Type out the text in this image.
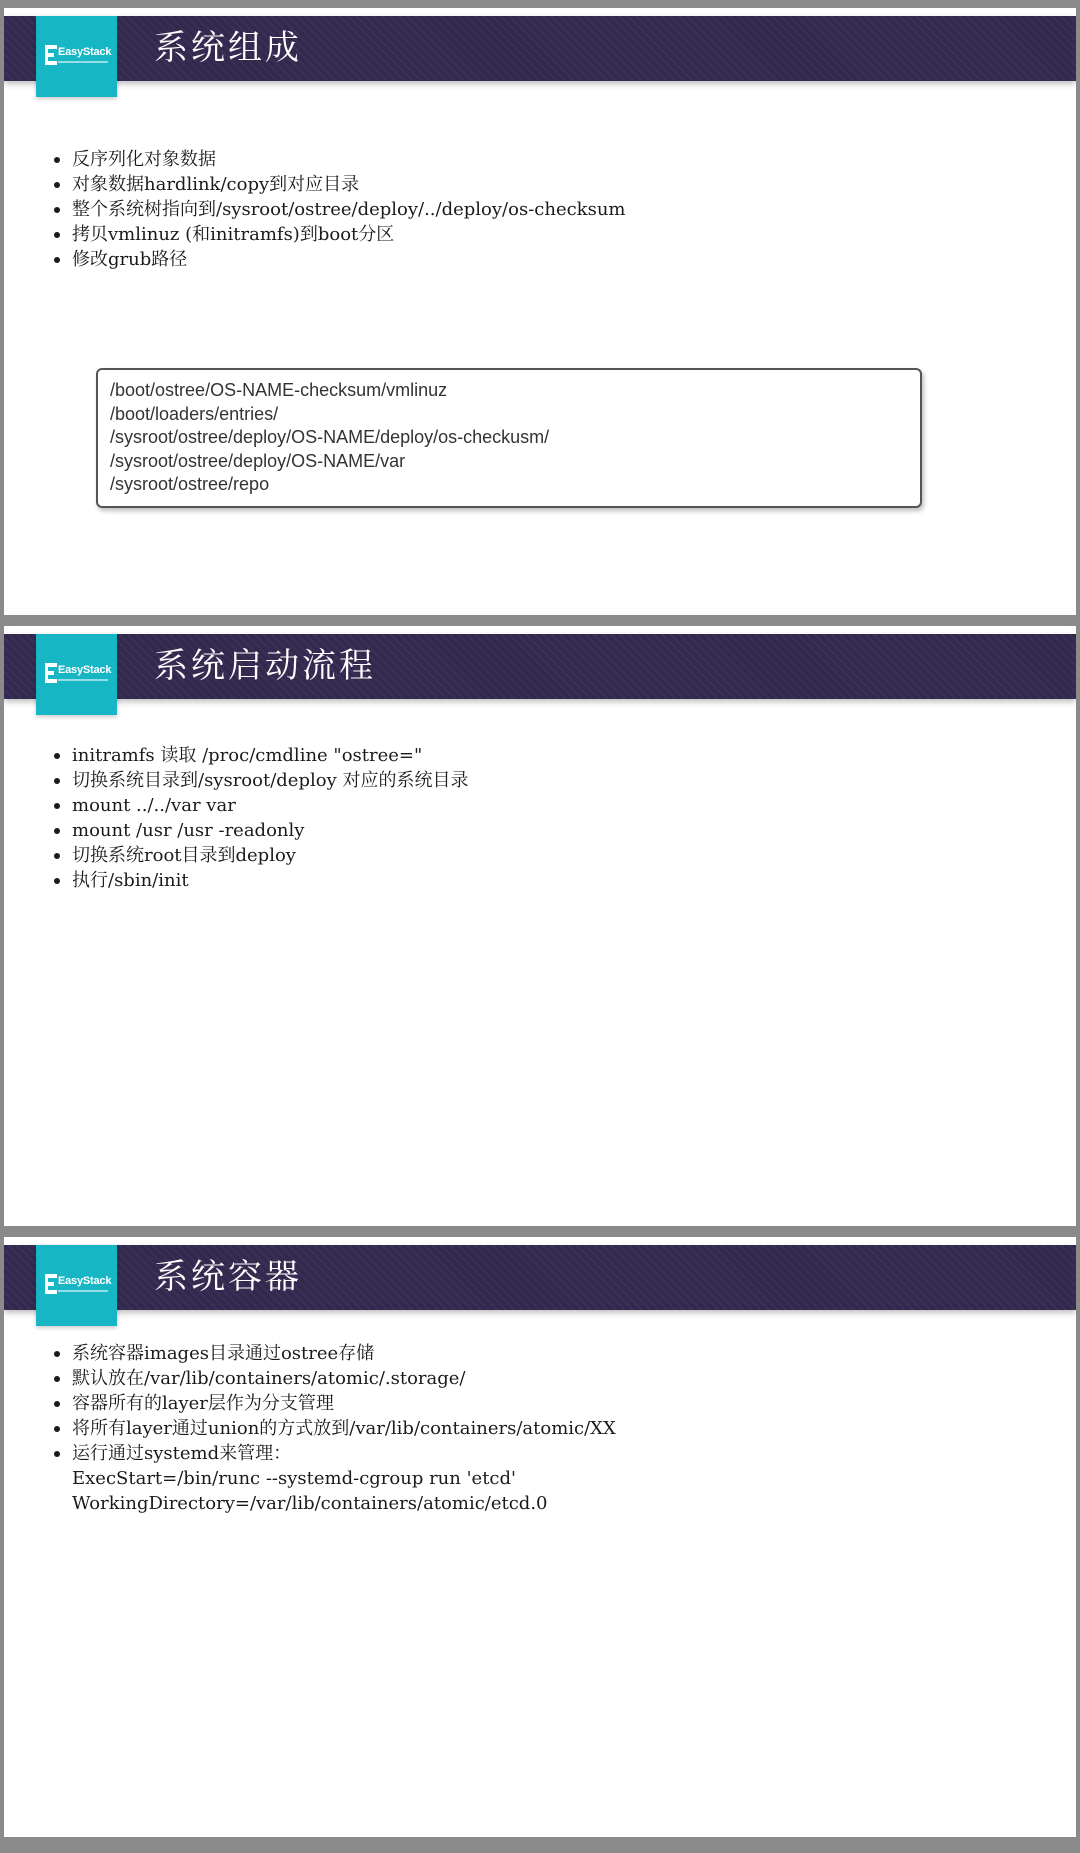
EasyStack 系统组成
反序列化对象数据
对象数据hardlink/copy到对应目录
整个系统树指向到/sysroot/ostree/deploy/../deploy/os-checksum
拷贝vmlinuz (和initramfs)到boot分区
修改grub路径
/boot/ostree/OS-NAME-checksum/vmlinuz
/boot/loaders/entries/
/sysroot/ostree/deploy/OS-NAME/deploy/os-checkusm/
/sysroot/ostree/deploy/OS-NAME/var
/sysroot/ostree/repo
EasyStack 系统启动流程
initramfs 读取 /proc/cmdline "ostree="
切换系统目录到/sysroot/deploy 对应的系统目录
mount ../../var var
mount /usr /usr -readonly
切换系统root目录到deploy
执行/sbin/init
EasyStack 系统容器
系统容器images目录通过ostree存储
默认放在/var/lib/containers/atomic/.storage/
容器所有的layer层作为分支管理
将所有layer通过union的方式放到/var/lib/containers/atomic/XX
运行通过systemd来管理：
ExecStart=/bin/runc --systemd-cgroup run 'etcd'
WorkingDirectory=/var/lib/containers/atomic/etcd.0
